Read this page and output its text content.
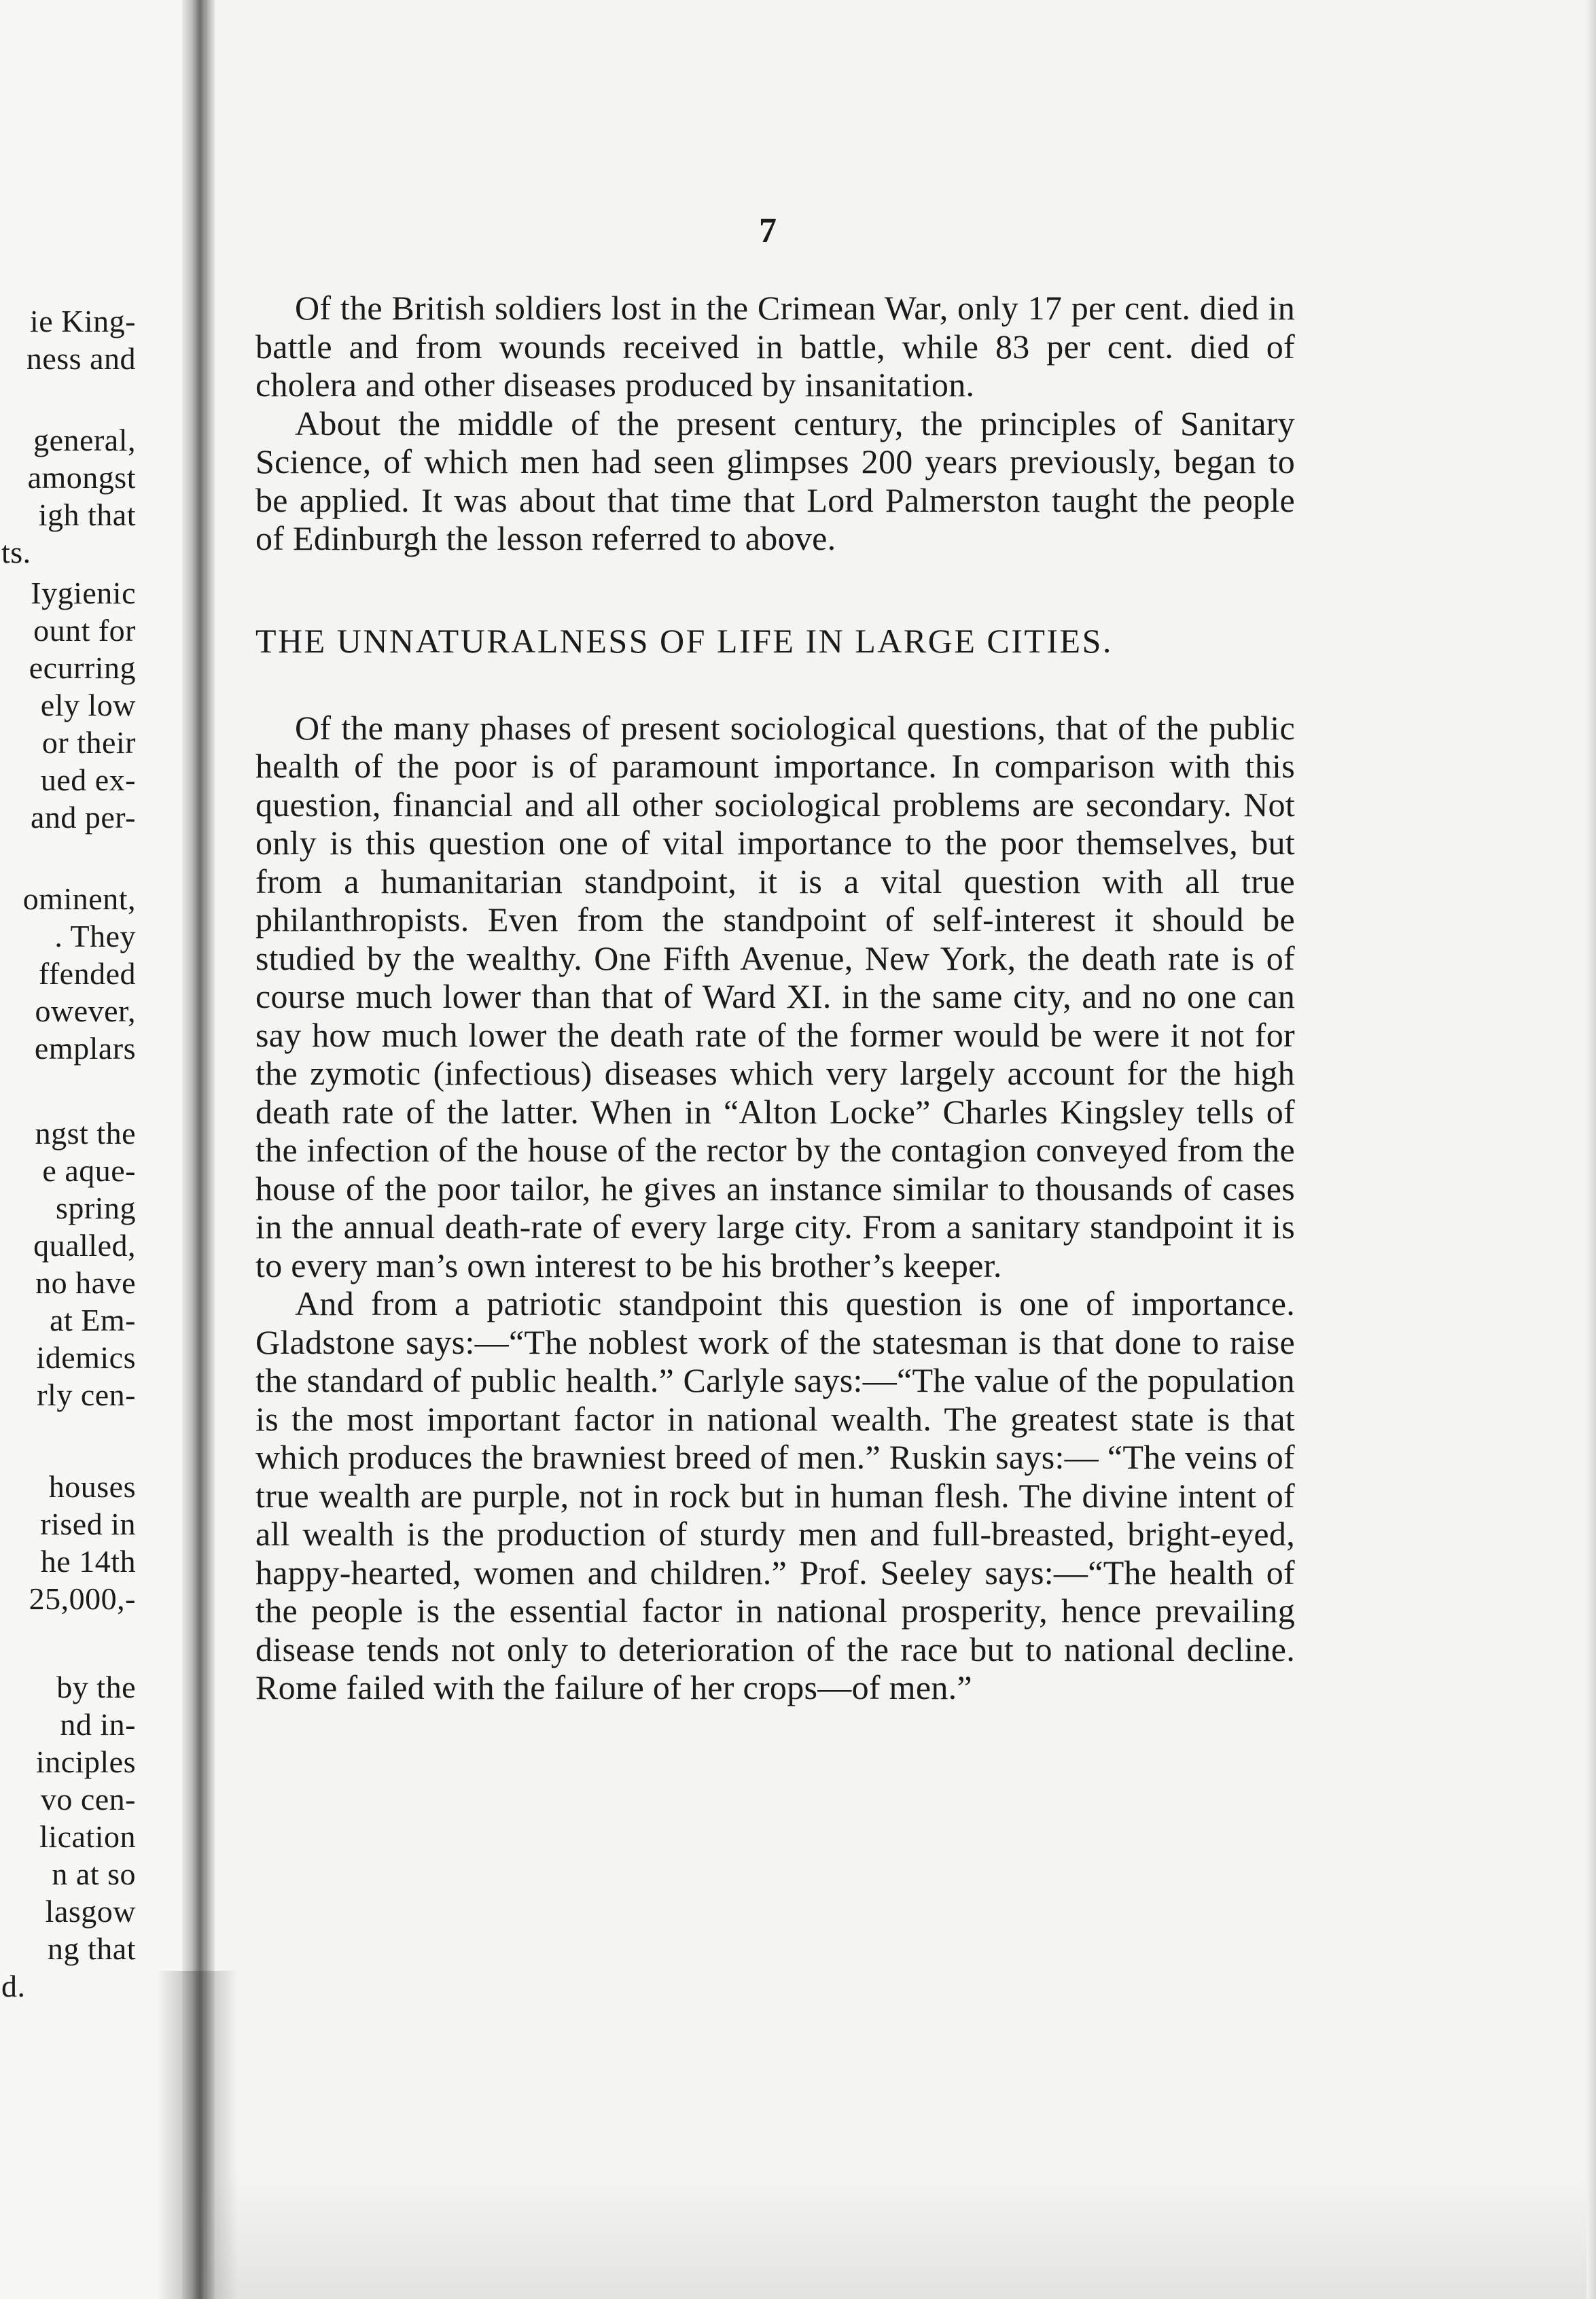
ie King-
ness and
general,
amongst
igh that
ts.
Iygienic
ount for
ecurring
ely low
or their
ued ex-
and per-
ominent,
. They
ffended
owever,
emplars
ngst the
e aque-
spring
qualled,
no have
at Em-
idemics
rly cen-
houses
rised in
he 14th
25,000,-
by the
nd in-
inciples
vo cen-
lication
n at so
lasgow
ng that
d.
7

Of the British soldiers lost in the Crimean War, only 17 per cent. died in battle and from wounds received in battle, while 83 per cent. died of cholera and other diseases produced by insanitation.

About the middle of the present century, the principles of Sanitary Science, of which men had seen glimpses 200 years previously, began to be applied. It was about that time that Lord Palmerston taught the people of Edinburgh the lesson referred to above.

THE UNNATURALNESS OF LIFE IN LARGE CITIES.

Of the many phases of present sociological questions, that of the public health of the poor is of paramount importance. In comparison with this question, financial and all other sociological problems are secondary. Not only is this question one of vital importance to the poor themselves, but from a humanitarian standpoint, it is a vital question with all true philanthropists. Even from the standpoint of self-interest it should be studied by the wealthy. One Fifth Avenue, New York, the death rate is of course much lower than that of Ward XI. in the same city, and no one can say how much lower the death rate of the former would be were it not for the zymotic (infectious) diseases which very largely account for the high death rate of the latter. When in “Alton Locke” Charles Kingsley tells of the infection of the house of the rector by the contagion conveyed from the house of the poor tailor, he gives an instance similar to thousands of cases in the annual death-rate of every large city. From a sanitary standpoint it is to every man’s own interest to be his brother’s keeper.

And from a patriotic standpoint this question is one of importance. Gladstone says:—“The noblest work of the statesman is that done to raise the standard of public health.” Carlyle says:—“The value of the population is the most important factor in national wealth. The greatest state is that which produces the brawniest breed of men.” Ruskin says:— “The veins of true wealth are purple, not in rock but in human flesh. The divine intent of all wealth is the production of sturdy men and full-breasted, bright-eyed, happy-hearted, women and children.” Prof. Seeley says:—“The health of the people is the essential factor in national prosperity, hence prevailing disease tends not only to deterioration of the race but to national decline. Rome failed with the failure of her crops—of men.”
